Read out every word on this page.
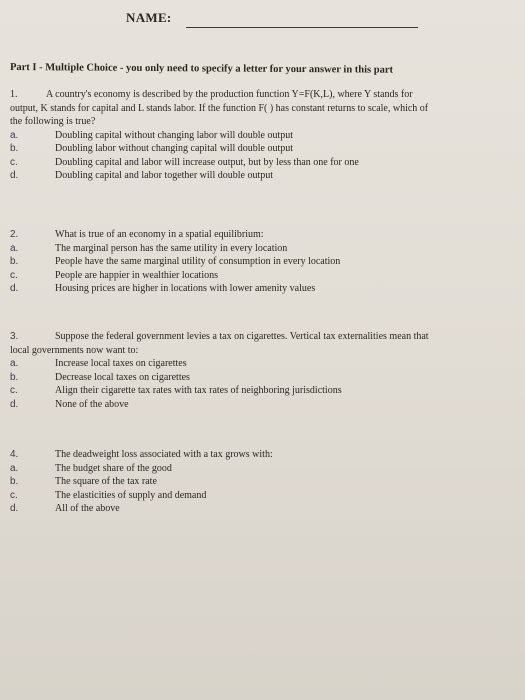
NAME:
Part I - Multiple Choice - you only need to specify a letter for your answer in this part
1.	A country's economy is described by the production function Y=F(K,L), where Y stands for
output, K stands for capital and L stands labor. If the function F( ) has constant returns to scale, which of
the following is true?
a.	Doubling capital without changing labor will double output
b.	Doubling labor without changing capital will double output
c.	Doubling capital and labor will increase output, but by less than one for one
d.	Doubling capital and labor together will double output
2.	What is true of an economy in a spatial equilibrium:
a.	The marginal person has the same utility in every location
b.	People have the same marginal utility of consumption in every location
c.	People are happier in wealthier locations
d.	Housing prices are higher in locations with lower amenity values
3.	Suppose the federal government levies a tax on cigarettes. Vertical tax externalities mean that
local governments now want to:
a.	Increase local taxes on cigarettes
b.	Decrease local taxes on cigarettes
c.	Align their cigarette tax rates with tax rates of neighboring jurisdictions
d.	None of the above
4.	The deadweight loss associated with a tax grows with:
a.	The budget share of the good
b.	The square of the tax rate
c.	The elasticities of supply and demand
d.	All of the above
